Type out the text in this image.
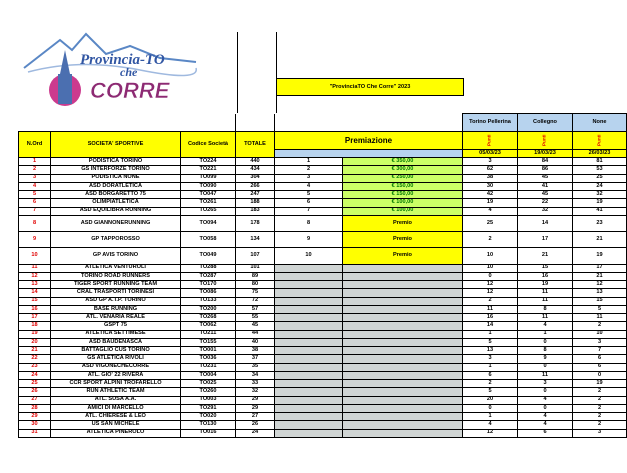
Provincia-TO
che
CORRE	"ProvinciaTO Che Corre" 2023
						Torino Pellerina	Collegno	None
N.Ord	SOCIETA' SPORTIVE	Codice Società	TOTALE	Premiazione		Punti	Punti	Punti
						05/03/23	19/03/23	26/03/23
1	PODISTICA TORINO	TO224	440	1	€ 350,00	3	84	81
2	GS INTERFORZE TORINO	TO221	434	2	€ 300,00	62	86	53
3	PODISTICA NONE	TO099	304	3	€ 250,00	38	45	25
4	ASD DORATLETICA	TO090	266	4	€ 150,00	30	41	24
5	ASD BORGARETTO 75	TO047	247	5	€ 150,00	42	45	32
6	OLIMPIATLETICA	TO261	188	6	€ 100,00	19	22	19
7	ASD EQUILIBRA RUNNING	TO265	183	7	€ 100,00	4	32	41
8	ASD GIANNONERUNNING	TO094	178	8	Premio	25	14	23
9	GP TAPPOROSSO	TO058	134	9	Premio	2	17	21
10	GP AVIS TORINO	TO049	107	10	Premio	10	21	19
11	ATLETICA VENTUROLI	TO288	101			10	15	17
12	TORINO ROAD RUNNERS	TO287	89			0	16	21
13	TIGER SPORT RUNNING TEAM	TO170	80			12	19	12
14	CRAL TRASPORTI TORINESI	TO086	75			12	11	13
15	ASD GP A.T.P. TORINO	TO133	72			2	11	15
16	BASE RUNNING	TO200	57			11	8	5
17	ATL. VENARIA REALE	TO268	55			16	11	11
18	GSPT 75	TO062	45			14	4	2
19	ATLETICA SETTIMESE	TO211	44			1	1	10
20	ASD BAUDENASCA	TO155	40			5	0	3
21	BATTAGLIO CUS TORINO	TO001	38			13	8	7
22	GS ATLETICA RIVOLI	TO036	37			3	9	6
23	ASD VIGONECHECORRE	TO231	35			1	0	6
24	ATL. GIO' 22 RIVERA	TO004	34			6	11	0
25	CCR SPORT ALPINI TROFARELLO	TO025	33			2	3	19
26	RUN ATHLETIC TEAM	TO260	32			5	0	2
27	ATL. SUSA A.A.	TO003	29			20	4	2
28	AMICI DI MARCELLO	TO291	29			0	0	2
29	ATL. CHIERESE & LEO	TO020	27			1	4	2
30	US SAN MICHELE	TO130	26			4	4	2
31	ATLETICA PINEROLO	TO016	24			12	6	3
